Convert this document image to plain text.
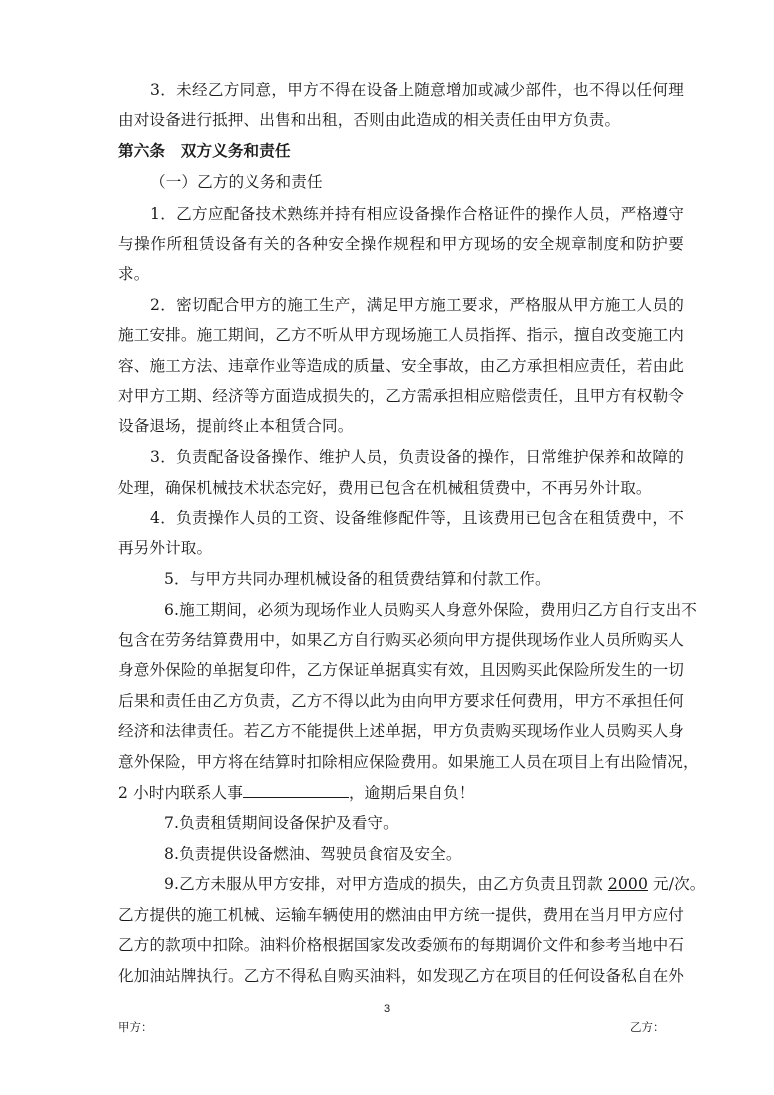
3．未经乙方同意，甲方不得在设备上随意增加或减少部件，也不得以任何理
由对设备进行抵押、出售和出租，否则由此造成的相关责任由甲方负责。
第六条　双方义务和责任
（一）乙方的义务和责任
1．乙方应配备技术熟练并持有相应设备操作合格证件的操作人员，严格遵守
与操作所租赁设备有关的各种安全操作规程和甲方现场的安全规章制度和防护要
求。
2．密切配合甲方的施工生产，满足甲方施工要求，严格服从甲方施工人员的
施工安排。施工期间，乙方不听从甲方现场施工人员指挥、指示，擅自改变施工内
容、施工方法、违章作业等造成的质量、安全事故，由乙方承担相应责任，若由此
对甲方工期、经济等方面造成损失的，乙方需承担相应赔偿责任，且甲方有权勒令
设备退场，提前终止本租赁合同。
3．负责配备设备操作、维护人员，负责设备的操作，日常维护保养和故障的
处理，确保机械技术状态完好，费用已包含在机械租赁费中，不再另外计取。
4．负责操作人员的工资、设备维修配件等，且该费用已包含在租赁费中，不
再另外计取。
5．与甲方共同办理机械设备的租赁费结算和付款工作。
6.施工期间，必须为现场作业人员购买人身意外保险，费用归乙方自行支出不
包含在劳务结算费用中，如果乙方自行购买必须向甲方提供现场作业人员所购买人
身意外保险的单据复印件，乙方保证单据真实有效，且因购买此保险所发生的一切
后果和责任由乙方负责，乙方不得以此为由向甲方要求任何费用，甲方不承担任何
经济和法律责任。若乙方不能提供上述单据，甲方负责购买现场作业人员购买人身
意外保险，甲方将在结算时扣除相应保险费用。如果施工人员在项目上有出险情况，
2 小时内联系人事	，逾期后果自负！
7.负责租赁期间设备保护及看守。
8.负责提供设备燃油、驾驶员食宿及安全。
9.乙方未服从甲方安排，对甲方造成的损失，由乙方负责且罚款 2000 元/次。
乙方提供的施工机械、运输车辆使用的燃油由甲方统一提供，费用在当月甲方应付
乙方的款项中扣除。油料价格根据国家发改委颁布的每期调价文件和参考当地中石
化加油站牌执行。乙方不得私自购买油料，如发现乙方在项目的任何设备私自在外
3
甲方：	乙方：
